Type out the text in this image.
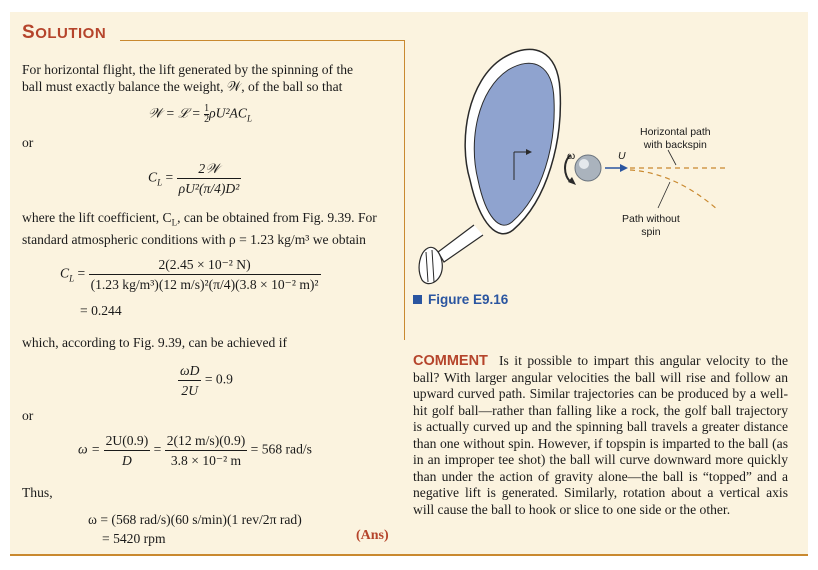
SOLUTION
For horizontal flight, the lift generated by the spinning of the
ball must exactly balance the weight, 𝒲, of the ball so that
𝒲 = ℒ = $\frac{1}{2} \rho U^2AC_L$
or
$C_L = \frac{\text{2𝒲}}{\text{ρU²(π/4)D²}}$
where the lift coefficient, $C_L$, can be obtained from Fig. 9.39. For
standard atmospheric conditions with ρ = 1.23 kg/m³ we obtain
$C_L = \frac{\text{2(2.45 × 10⁻² N)}}{\text{(1.23 kg/m³)(12 m/s)²(π/4)(3.8 × 10⁻² m)²}}$
= 0.244
which, according to Fig. 9.39, can be achieved if
$\frac{\omega D}{2U} = 0.9$
or
$\omega = \frac{2U(0.9)}{D} = \frac{2(12 m/s)(0.9)}{\text{3.8 × 10⁻² m}} = 568$ rad/s
Thus,
ω = (568 rad/s)(60 s/min)(1 rev/2π rad)
= 5420 rpm	(Ans)
ω	U
Horizontal path
with backspin
Path without
spin
Figure E9.16
COMMENT Is it possible to impart this angular velocity to the ball? With larger angular velocities the ball will rise and follow an upward curved path. Similar trajectories can be produced by a well-hit golf ball—rather than falling like a rock, the golf ball trajectory is actually curved up and the spinning ball travels a greater distance than one without spin. However, if topspin is imparted to the ball (as in an improper tee shot) the ball will curve downward more quickly than under the action of gravity alone—the ball is “topped” and a negative lift is generated. Similarly, rotation about a vertical axis will cause the ball to hook or slice to one side or the other.
